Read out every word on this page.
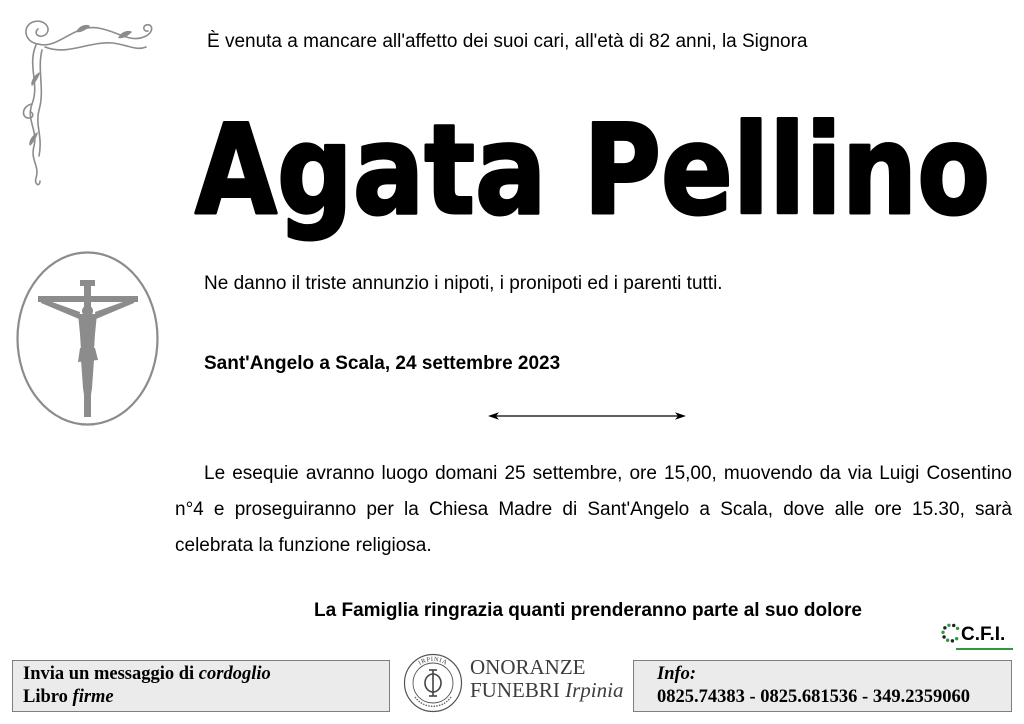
È venuta a mancare all'affetto dei suoi cari, all'età di 82 anni, la Signora
Agata Pellino
Ne danno il triste annunzio i nipoti, i pronipoti ed i parenti tutti.
Sant'Angelo a Scala, 24 settembre 2023
Le esequie avranno luogo domani 25 settembre, ore 15,00, muovendo da via Luigi Cosentino
n°4 e proseguiranno per la Chiesa Madre di Sant'Angelo a Scala, dove alle ore 15.30, sarà
celebrata la funzione religiosa.
La Famiglia ringrazia quanti prenderanno parte al suo dolore
C.F.I.
Invia un messaggio di cordoglio
Libro firme
IRPINIA ONORANZE
FUNEBRI Irpinia
Info:
0825.74383 - 0825.681536 - 349.2359060
